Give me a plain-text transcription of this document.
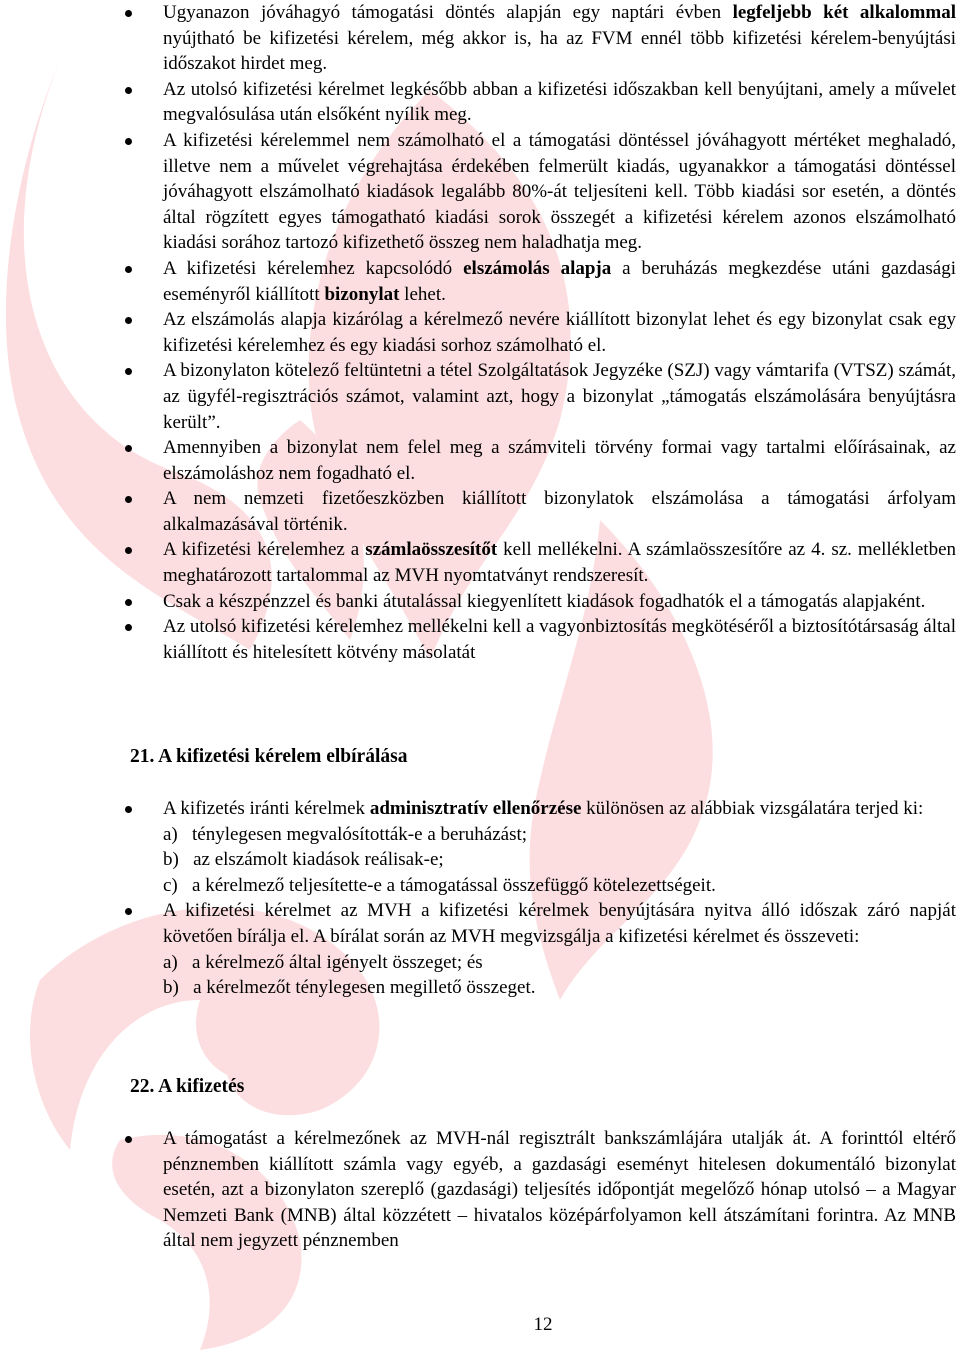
Ugyanazon jóváhagyó támogatási döntés alapján egy naptári évben legfeljebb két alkalommal nyújtható be kifizetési kérelem, még akkor is, ha az FVM ennél több kifizetési kérelem-benyújtási időszakot hirdet meg.
Az utolsó kifizetési kérelmet legkésőbb abban a kifizetési időszakban kell benyújtani, amely a művelet megvalósulása után elsőként nyílik meg.
A kifizetési kérelemmel nem számolható el a támogatási döntéssel jóváhagyott mértéket meghaladó, illetve nem a művelet végrehajtása érdekében felmerült kiadás, ugyanakkor a támogatási döntéssel jóváhagyott elszámolható kiadások legalább 80%-át teljesíteni kell. Több kiadási sor esetén, a döntés által rögzített egyes támogatható kiadási sorok összegét a kifizetési kérelem azonos elszámolható kiadási sorához tartozó kifizethető összeg nem haladhatja meg.
A kifizetési kérelemhez kapcsolódó elszámolás alapja a beruházás megkezdése utáni gazdasági eseményről kiállított bizonylat lehet.
Az elszámolás alapja kizárólag a kérelmező nevére kiállított bizonylat lehet és egy bizonylat csak egy kifizetési kérelemhez és egy kiadási sorhoz számolható el.
A bizonylaton kötelező feltüntetni a tétel Szolgáltatások Jegyzéke (SZJ) vagy vámtarifa (VTSZ) számát, az ügyfél-regisztrációs számot, valamint azt, hogy a bizonylat „támogatás elszámolására benyújtásra került”.
Amennyiben a bizonylat nem felel meg a számviteli törvény formai vagy tartalmi előírásainak, az elszámoláshoz nem fogadható el.
A nem nemzeti fizetőeszközben kiállított bizonylatok elszámolása a támogatási árfolyam alkalmazásával történik.
A kifizetési kérelemhez a számlaösszesítőt kell mellékelni. A számlaösszesítőre az 4. sz. mellékletben meghatározott tartalommal az MVH nyomtatványt rendszeresít.
Csak a készpénzzel és banki átutalással kiegyenlített kiadások fogadhatók el a támogatás alapjaként.
Az utolsó kifizetési kérelemhez mellékelni kell a vagyonbiztosítás megkötéséről a biztosítótársaság által kiállított és hitelesített kötvény másolatát
21. A kifizetési kérelem elbírálása
A kifizetés iránti kérelmek adminisztratív ellenőrzése különösen az alábbiak vizsgálatára terjed ki:
a)   ténylegesen megvalósították-e a beruházást;
b)   az elszámolt kiadások reálisak-e;
c)   a kérelmező teljesítette-e a támogatással összefüggő kötelezettségeit.
A kifizetési kérelmet az MVH a kifizetési kérelmek benyújtására nyitva álló időszak záró napját követően bírálja el. A bírálat során az MVH megvizsgálja a kifizetési kérelmet és összeveti:
a)   a kérelmező által igényelt összeget; és
b)   a kérelmezőt ténylegesen megillető összeget.
22. A kifizetés
A támogatást a kérelmezőnek az MVH-nál regisztrált bankszámlájára utalják át. A forinttól eltérő pénznemben kiállított számla vagy egyéb, a gazdasági eseményt hitelesen dokumentáló bizonylat esetén, azt a bizonylaton szereplő (gazdasági) teljesítés időpontját megelőző hónap utolsó – a Magyar Nemzeti Bank (MNB) által közzétett – hivatalos középárfolyamon kell átszámítani forintra. Az MNB által nem jegyzett pénznemben
12
